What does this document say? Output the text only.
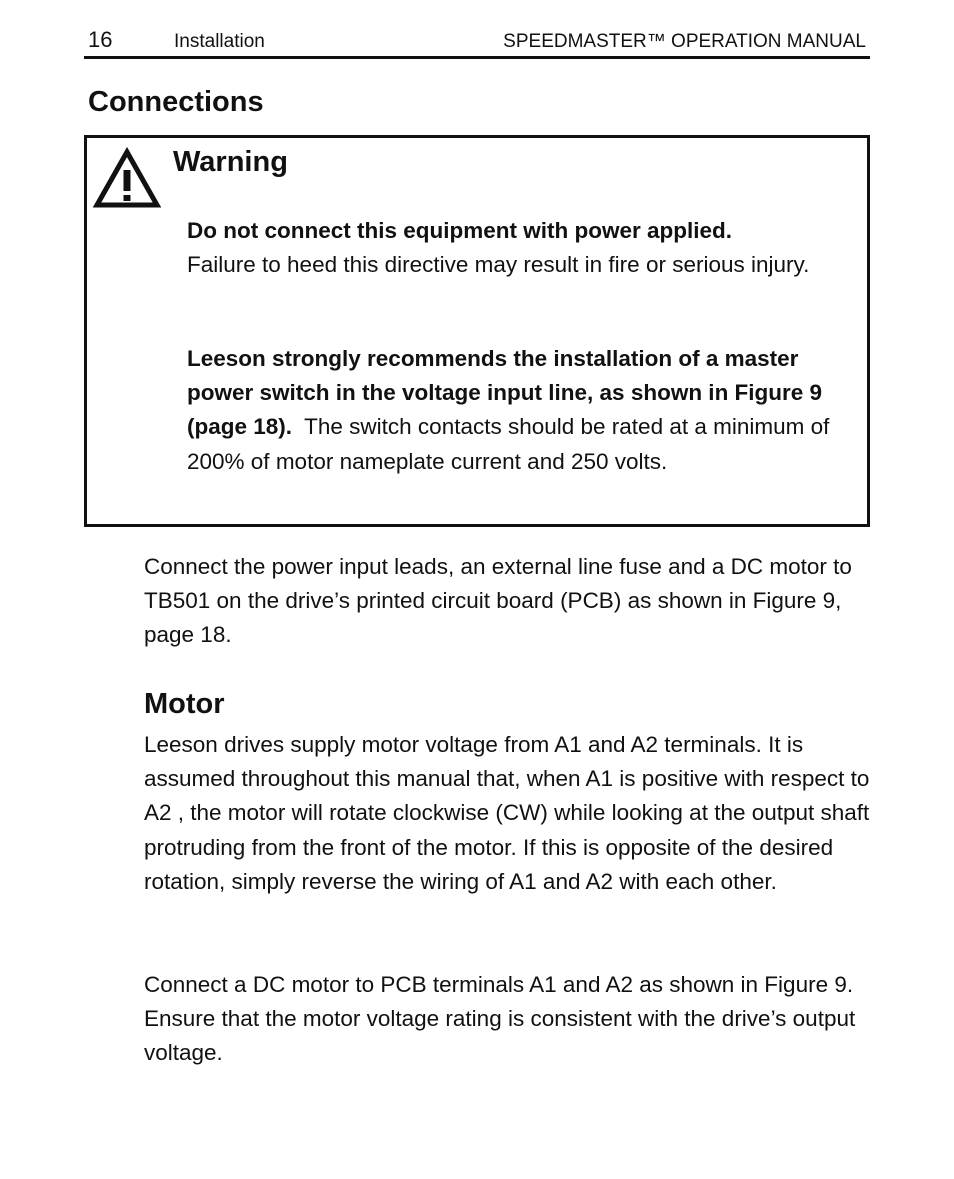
16	Installation	SPEEDMASTER™ OPERATION MANUAL
Connections
Warning

Do not connect this equipment with power applied.
Failure to heed this directive may result in fire or serious injury.

Leeson strongly recommends the installation of a master power switch in the voltage input line, as shown in Figure 9 (page 18). The switch contacts should be rated at a minimum of 200% of motor nameplate current and 250 volts.

Connect the power input leads, an external line fuse and a DC motor to TB501 on the drive’s printed circuit board (PCB) as shown in Figure 9, page 18.

Motor

Leeson drives supply motor voltage from A1 and A2 terminals. It is assumed throughout this manual that, when A1 is positive with respect to A2 , the motor will rotate clockwise (CW) while looking at the output shaft protruding from the front of the motor. If this is opposite of the desired rotation, simply reverse the wiring of A1 and A2 with each other.

Connect a DC motor to PCB terminals A1 and A2 as shown in Figure 9. Ensure that the motor voltage rating is consistent with the drive’s output voltage.
